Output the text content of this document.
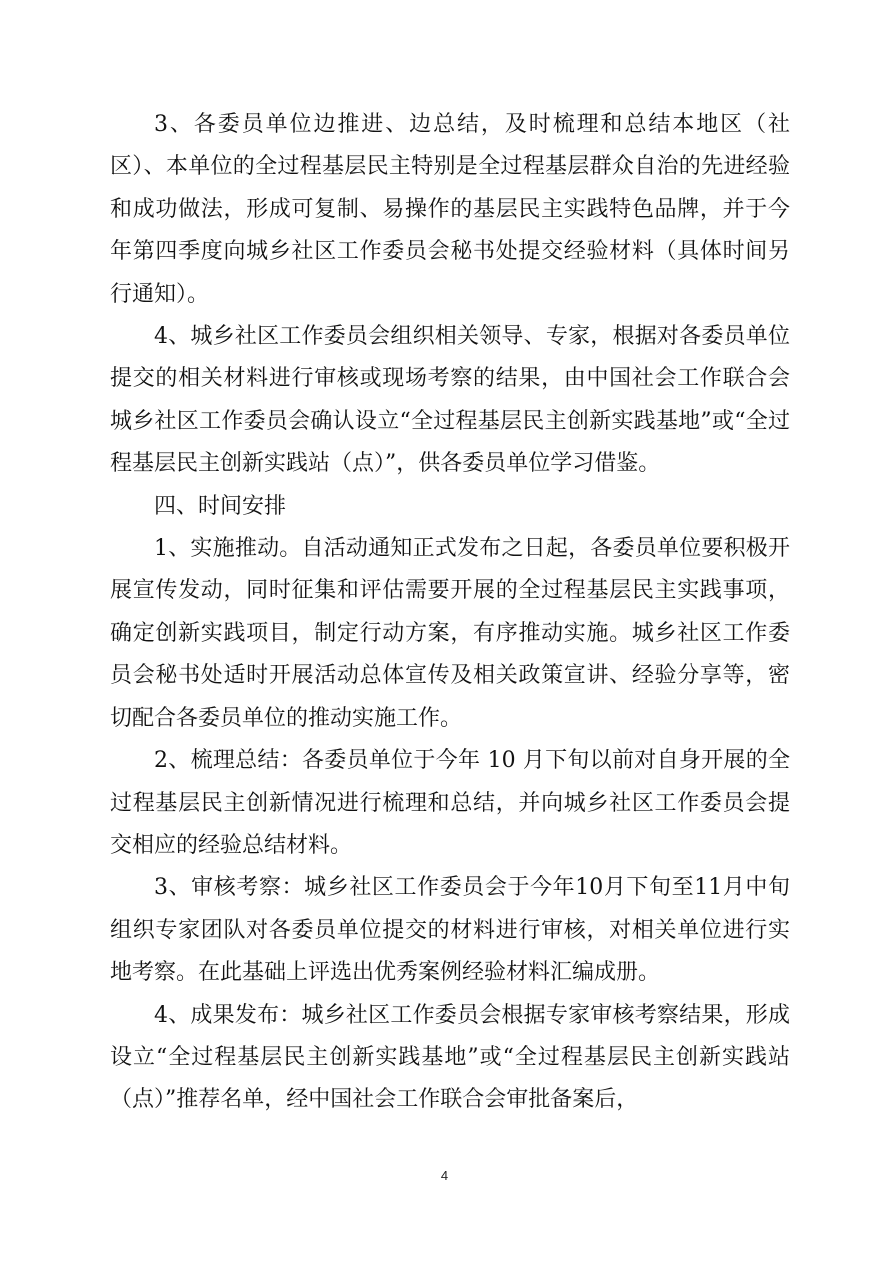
3、各委员单位边推进、边总结，及时梳理和总结本地区（社区）、本单位的全过程基层民主特别是全过程基层群众自治的先进经验和成功做法，形成可复制、易操作的基层民主实践特色品牌，并于今年第四季度向城乡社区工作委员会秘书处提交经验材料（具体时间另行通知）。

4、城乡社区工作委员会组织相关领导、专家，根据对各委员单位提交的相关材料进行审核或现场考察的结果，由中国社会工作联合会城乡社区工作委员会确认设立“全过程基层民主创新实践基地”或“全过程基层民主创新实践站（点）”，供各委员单位学习借鉴。

四、时间安排

1、实施推动。自活动通知正式发布之日起，各委员单位要积极开展宣传发动，同时征集和评估需要开展的全过程基层民主实践事项，确定创新实践项目，制定行动方案，有序推动实施。城乡社区工作委员会秘书处适时开展活动总体宣传及相关政策宣讲、经验分享等，密切配合各委员单位的推动实施工作。

2、梳理总结：各委员单位于今年 10 月下旬以前对自身开展的全过程基层民主创新情况进行梳理和总结，并向城乡社区工作委员会提交相应的经验总结材料。

3、审核考察：城乡社区工作委员会于今年10月下旬至11月中旬组织专家团队对各委员单位提交的材料进行审核，对相关单位进行实地考察。在此基础上评选出优秀案例经验材料汇编成册。

4、成果发布：城乡社区工作委员会根据专家审核考察结果，形成设立“全过程基层民主创新实践基地”或“全过程基层民主创新实践站（点）”推荐名单，经中国社会工作联合会审批备案后，

4
